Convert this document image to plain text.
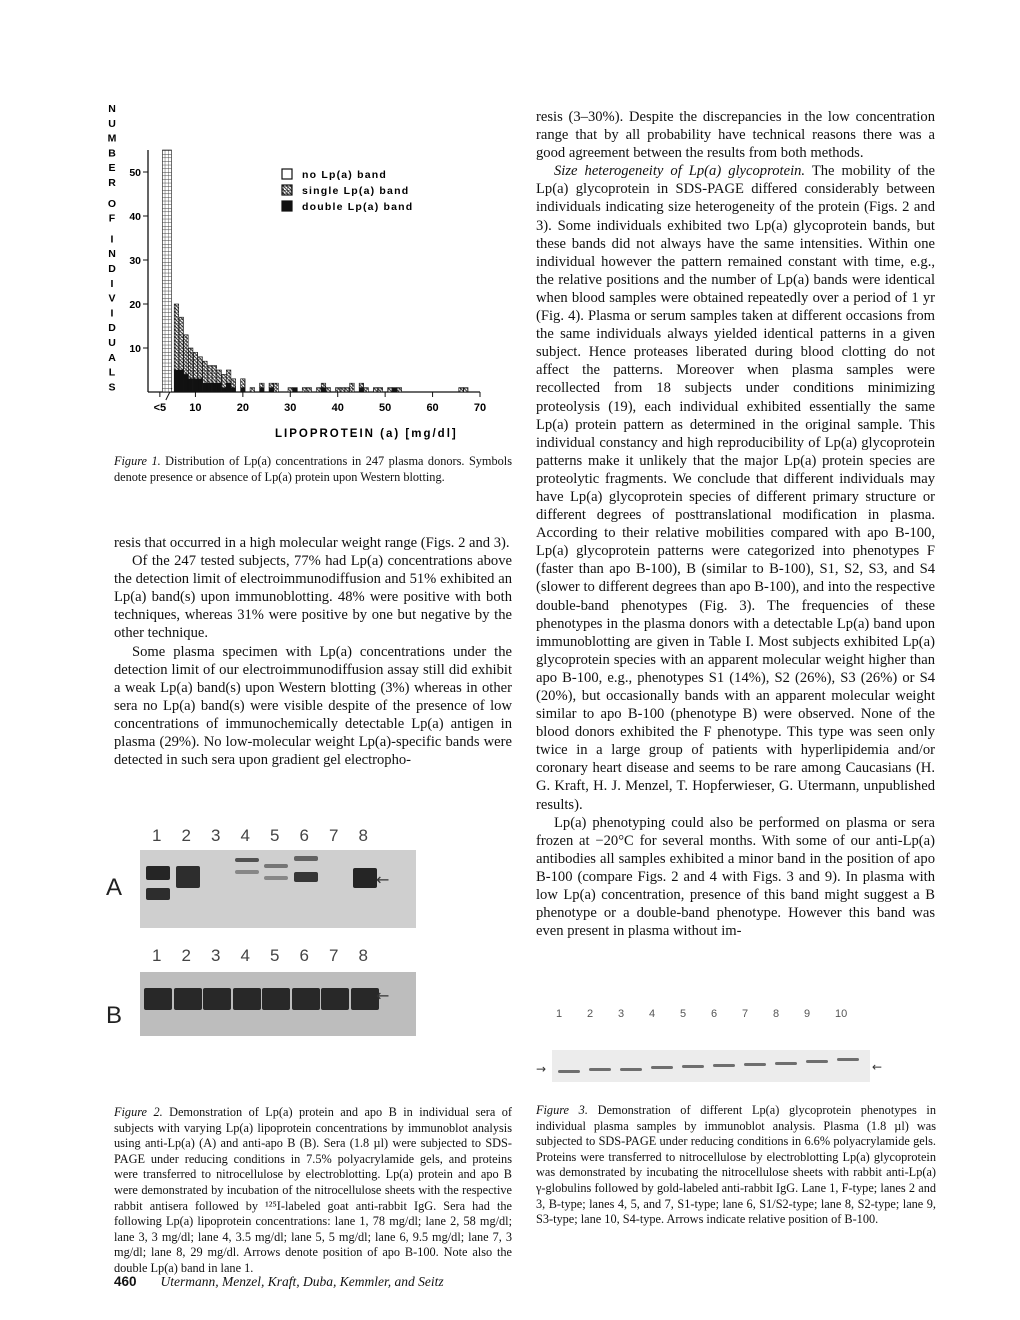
N
U
M
B
E
R
O
F
I
N
D
I
V
I
D
U
A
L
S
10
20
30
40
50
<5 10	20	30	40	50	60	70
no Lp(a) band
single Lp(a) band
double Lp(a) band
LIPOPROTEIN (a) [mg/dl]
Figure 1. Distribution of Lp(a) concentrations in 247 plasma donors. Symbols denote presence or absence of Lp(a) protein upon Western blotting.

resis that occurred in a high molecular weight range (Figs. 2 and 3).

Of the 247 tested subjects, 77% had Lp(a) concentrations above the detection limit of electroimmunodiffusion and 51% exhibited an Lp(a) band(s) upon immunoblotting. 48% were positive with both techniques, whereas 31% were positive by one but negative by the other technique.

Some plasma specimen with Lp(a) concentrations under the detection limit of our electroimmunodiffusion assay still did exhibit a weak Lp(a) band(s) upon Western blotting (3%) whereas in other sera no Lp(a) band(s) were visible despite of the presence of low concentrations of immunochemically detectable Lp(a) antigen in plasma (29%). No low-molecular weight Lp(a)-specific bands were detected in such sera upon gradient gel electropho-

1 2 3 4 5 6 7 8
A	←
1 2 3 4 5 6 7 8
B
←
Figure 2. Demonstration of Lp(a) protein and apo B in individual sera of subjects with varying Lp(a) lipoprotein concentrations by immunoblot analysis using anti-Lp(a) (A) and anti-apo B (B). Sera (1.8 µl) were subjected to SDS-PAGE under reducing conditions in 7.5% polyacrylamide gels, and proteins were transferred to nitrocellulose by electroblotting. Lp(a) protein and apo B were demonstrated by incubation of the nitrocellulose sheets with the respective rabbit antisera followed by ¹²⁵I-labeled goat anti-rabbit IgG. Sera had the following Lp(a) lipoprotein concentrations: lane 1, 78 mg/dl; lane 2, 58 mg/dl; lane 3, 3 mg/dl; lane 4, 3.5 mg/dl; lane 5, 5 mg/dl; lane 6, 9.5 mg/dl; lane 7, 3 mg/dl; lane 8, 29 mg/dl. Arrows denote position of apo B-100. Note also the double Lp(a) band in lane 1.

resis (3–30%). Despite the discrepancies in the low concentration range that by all probability have technical reasons there was a good agreement between the results from both methods.

Size heterogeneity of Lp(a) glycoprotein. The mobility of the Lp(a) glycoprotein in SDS-PAGE differed considerably between individuals indicating size heterogeneity of the protein (Figs. 2 and 3). Some individuals exhibited two Lp(a) glycoprotein bands, but these bands did not always have the same intensities. Within one individual however the pattern remained constant with time, e.g., the relative positions and the number of Lp(a) bands were identical when blood samples were obtained repeatedly over a period of 1 yr (Fig. 4). Plasma or serum samples taken at different occasions from the same individuals always yielded identical patterns in a given subject. Hence proteases liberated during blood clotting do not affect the patterns. Moreover when plasma samples were recollected from 18 subjects under conditions minimizing proteolysis (19), each individual exhibited essentially the same Lp(a) protein pattern as determined in the original sample. This individual constancy and high reproducibility of Lp(a) glycoprotein patterns make it unlikely that the major Lp(a) protein species are proteolytic fragments. We conclude that different individuals may have Lp(a) glycoprotein species of different primary structure or different degrees of posttranslational modification in plasma. According to their relative mobilities compared with apo B-100, Lp(a) glycoprotein patterns were categorized into phenotypes F (faster than apo B-100), B (similar to B-100), S1, S2, S3, and S4 (slower to different degrees than apo B-100), and into the respective double-band phenotypes (Fig. 3). The frequencies of these phenotypes in the plasma donors with a detectable Lp(a) band upon immunoblotting are given in Table I. Most subjects exhibited Lp(a) glycoprotein species with an apparent molecular weight higher than apo B-100, e.g., phenotypes S1 (14%), S2 (26%), S3 (26%) or S4 (20%), but occasionally bands with an apparent molecular weight similar to apo B-100 (phenotype B) were observed. None of the blood donors exhibited the F phenotype. This type was seen only twice in a large group of patients with hyperlipidemia and/or coronary heart disease and seems to be rare among Caucasians (H. G. Kraft, H. J. Menzel, T. Hopferwieser, G. Utermann, unpublished results).

Lp(a) phenotyping could also be performed on plasma or sera frozen at −20°C for several months. With some of our anti-Lp(a) antibodies all samples exhibited a minor band in the position of apo B-100 (compare Figs. 2 and 4 with Figs. 3 and 9). In plasma with low Lp(a) concentration, presence of this band might suggest a B phenotype or a double-band phenotype. However this band was even present in plasma without im-

1 2 3 4 5 6 7 8 9 10
→	←
Figure 3. Demonstration of different Lp(a) glycoprotein phenotypes in individual plasma samples by immunoblot analysis. Plasma (1.8 µl) was subjected to SDS-PAGE under reducing conditions in 6.6% polyacrylamide gels. Proteins were transferred to nitrocellulose by electroblotting Lp(a) glycoprotein was demonstrated by incubating the nitrocellulose sheets with rabbit anti-Lp(a) γ-globulins followed by gold-labeled anti-rabbit IgG. Lane 1, F-type; lanes 2 and 3, B-type; lanes 4, 5, and 7, S1-type; lane 6, S1/S2-type; lane 8, S2-type; lane 9, S3-type; lane 10, S4-type. Arrows indicate relative position of B-100.
460 Utermann, Menzel, Kraft, Duba, Kemmler, and Seitz
